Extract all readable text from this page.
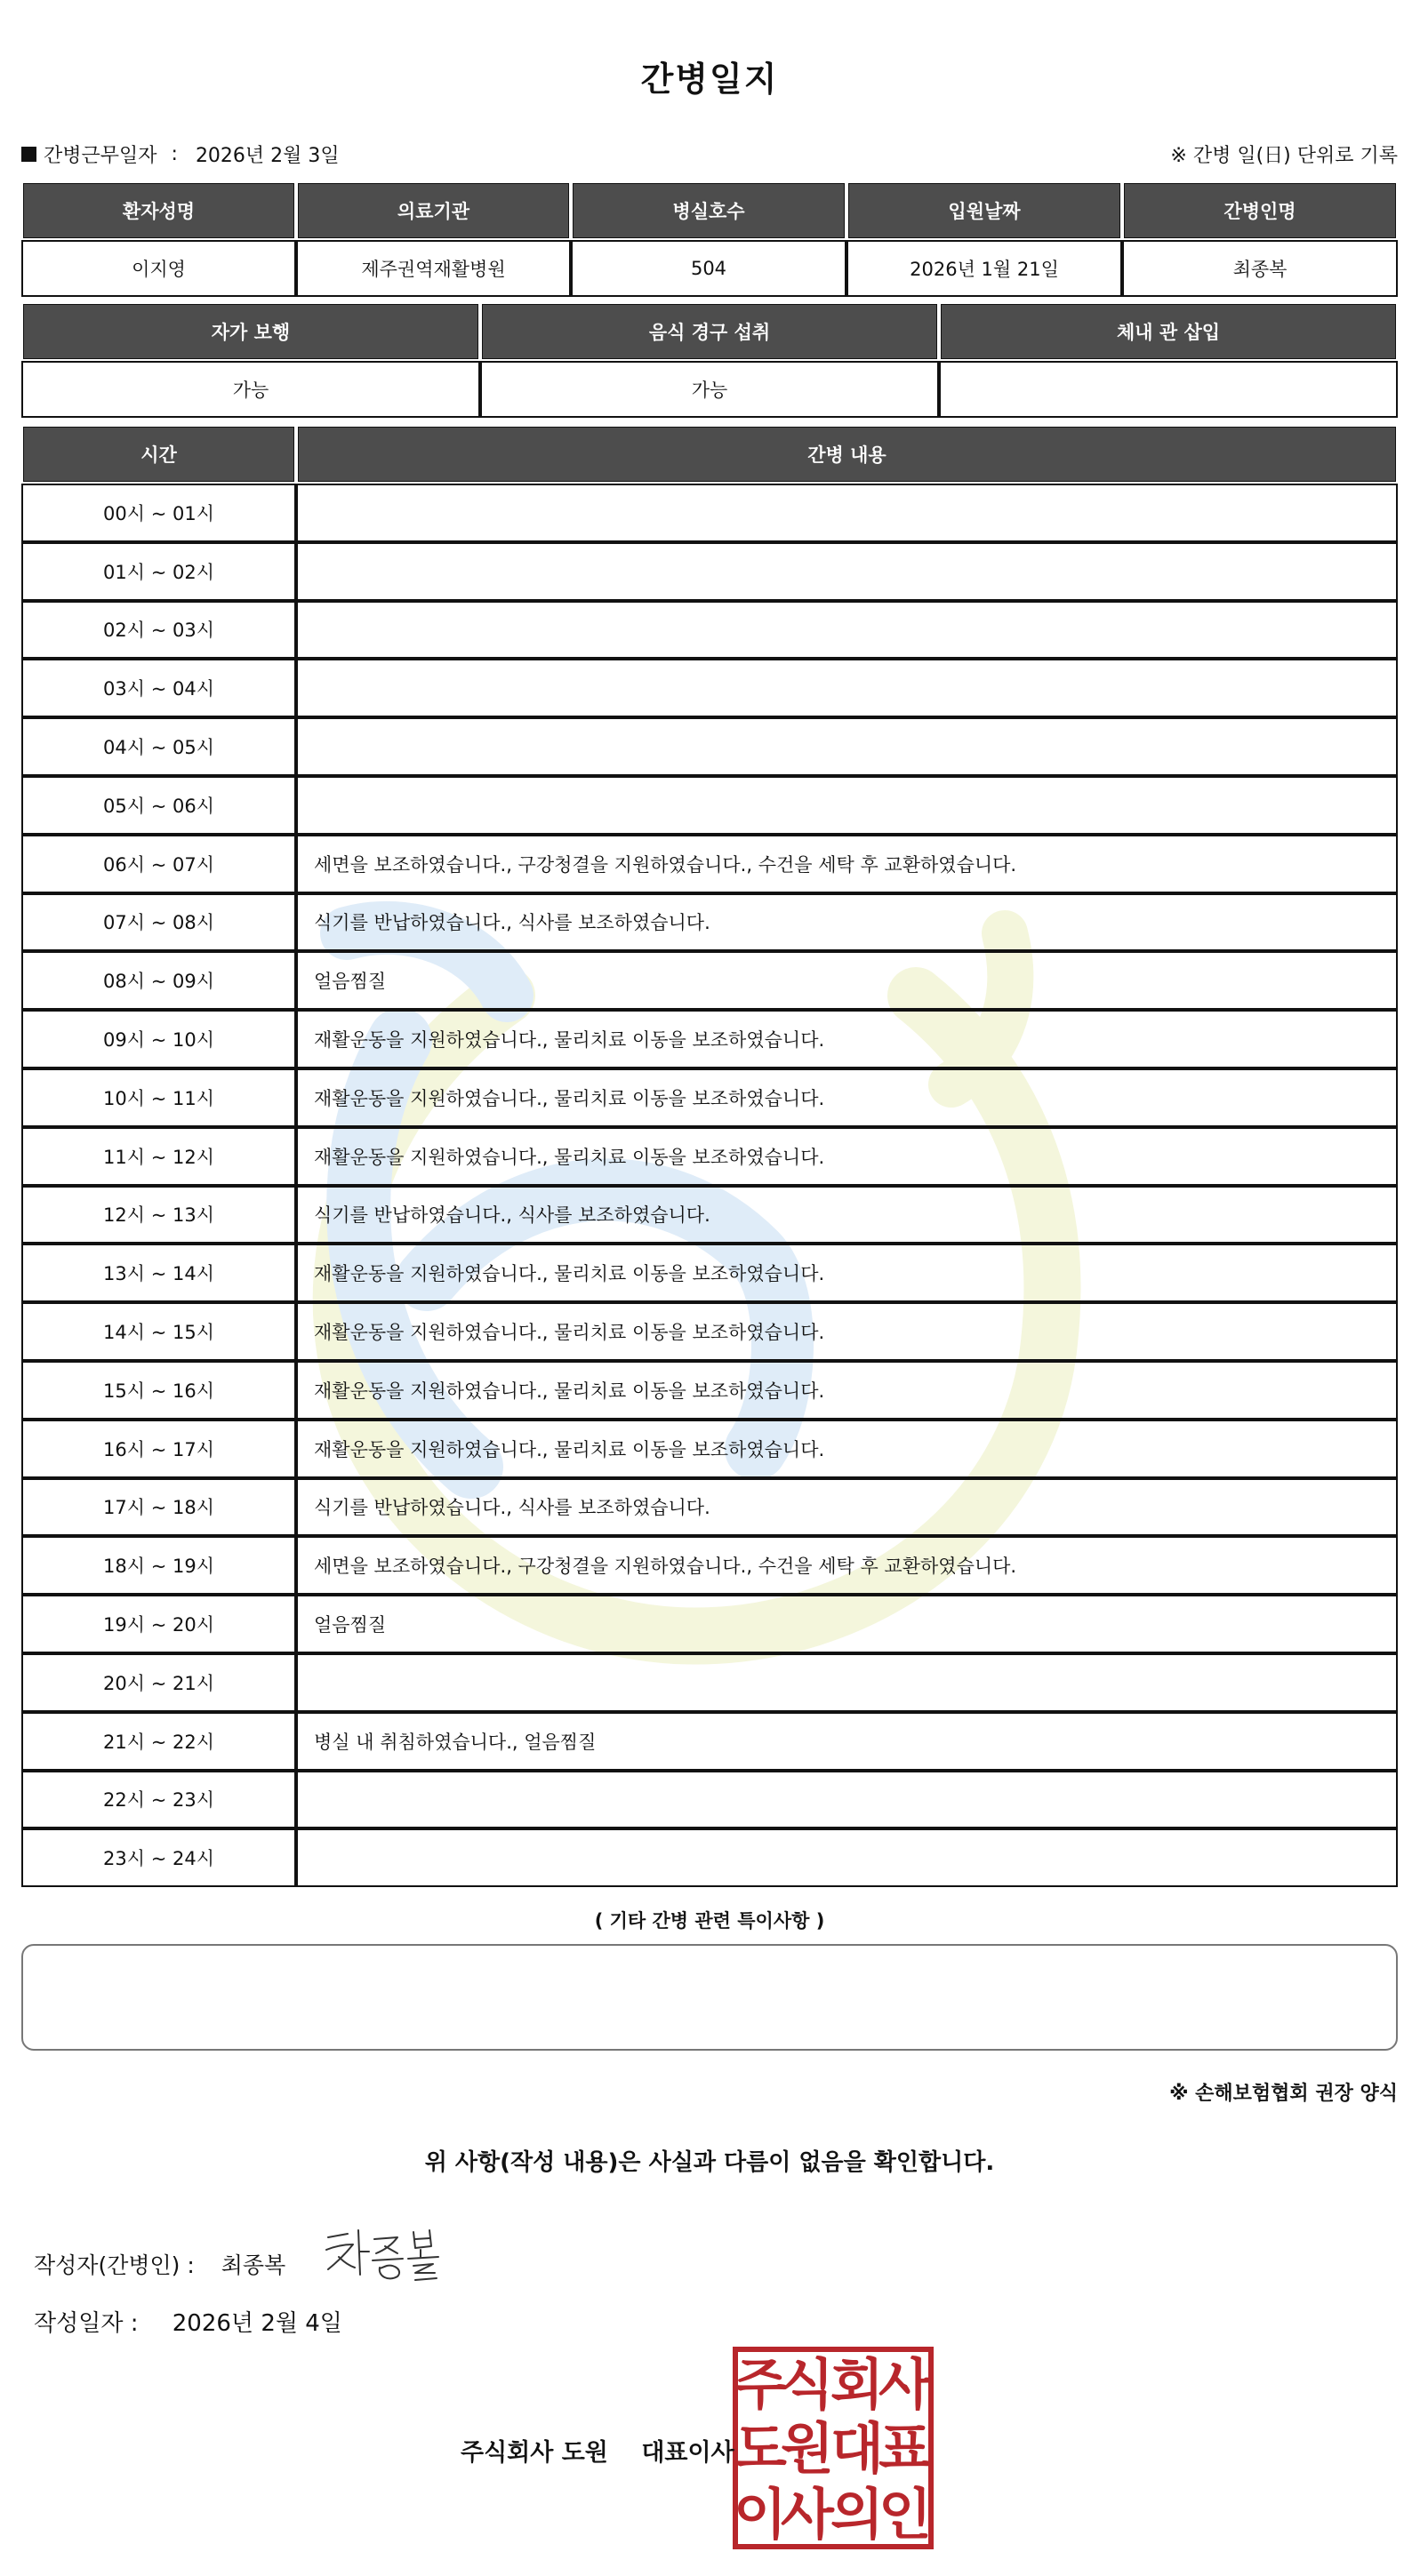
간병일지
간병근무일자 : 2026년 2월 3일	※ 간병 일(日) 단위로 기록
환자성명	의료기관	병실호수	입원날짜	간병인명
이지영	제주권역재활병원	504	2026년 1월 21일	최종복
자가 보행	음식 경구 섭취	체내 관 삽입
가능	가능	
시간	간병 내용
00시 ~ 01시	
01시 ~ 02시	
02시 ~ 03시	
03시 ~ 04시	
04시 ~ 05시	
05시 ~ 06시	
06시 ~ 07시	세면을 보조하였습니다., 구강청결을 지원하였습니다., 수건을 세탁 후 교환하였습니다.
07시 ~ 08시	식기를 반납하였습니다., 식사를 보조하였습니다.
08시 ~ 09시	얼음찜질
09시 ~ 10시	재활운동을 지원하였습니다., 물리치료 이동을 보조하였습니다.
10시 ~ 11시	재활운동을 지원하였습니다., 물리치료 이동을 보조하였습니다.
11시 ~ 12시	재활운동을 지원하였습니다., 물리치료 이동을 보조하였습니다.
12시 ~ 13시	식기를 반납하였습니다., 식사를 보조하였습니다.
13시 ~ 14시	재활운동을 지원하였습니다., 물리치료 이동을 보조하였습니다.
14시 ~ 15시	재활운동을 지원하였습니다., 물리치료 이동을 보조하였습니다.
15시 ~ 16시	재활운동을 지원하였습니다., 물리치료 이동을 보조하였습니다.
16시 ~ 17시	재활운동을 지원하였습니다., 물리치료 이동을 보조하였습니다.
17시 ~ 18시	식기를 반납하였습니다., 식사를 보조하였습니다.
18시 ~ 19시	세면을 보조하였습니다., 구강청결을 지원하였습니다., 수건을 세탁 후 교환하였습니다.
19시 ~ 20시	얼음찜질
20시 ~ 21시	
21시 ~ 22시	병실 내 취침하였습니다., 얼음찜질
22시 ~ 23시	
23시 ~ 24시	
( 기타 간병 관련 특이사항 )
※ 손해보험협회 권장 양식
위 사항(작성 내용)은 사실과 다름이 없음을 확인합니다.
작성자(간병인) : 최종복
작성일자 : 2026년 2월 4일
주식회사 도원 대표이사
주
식
회
사
도
원
대
표
이
사
의
인
